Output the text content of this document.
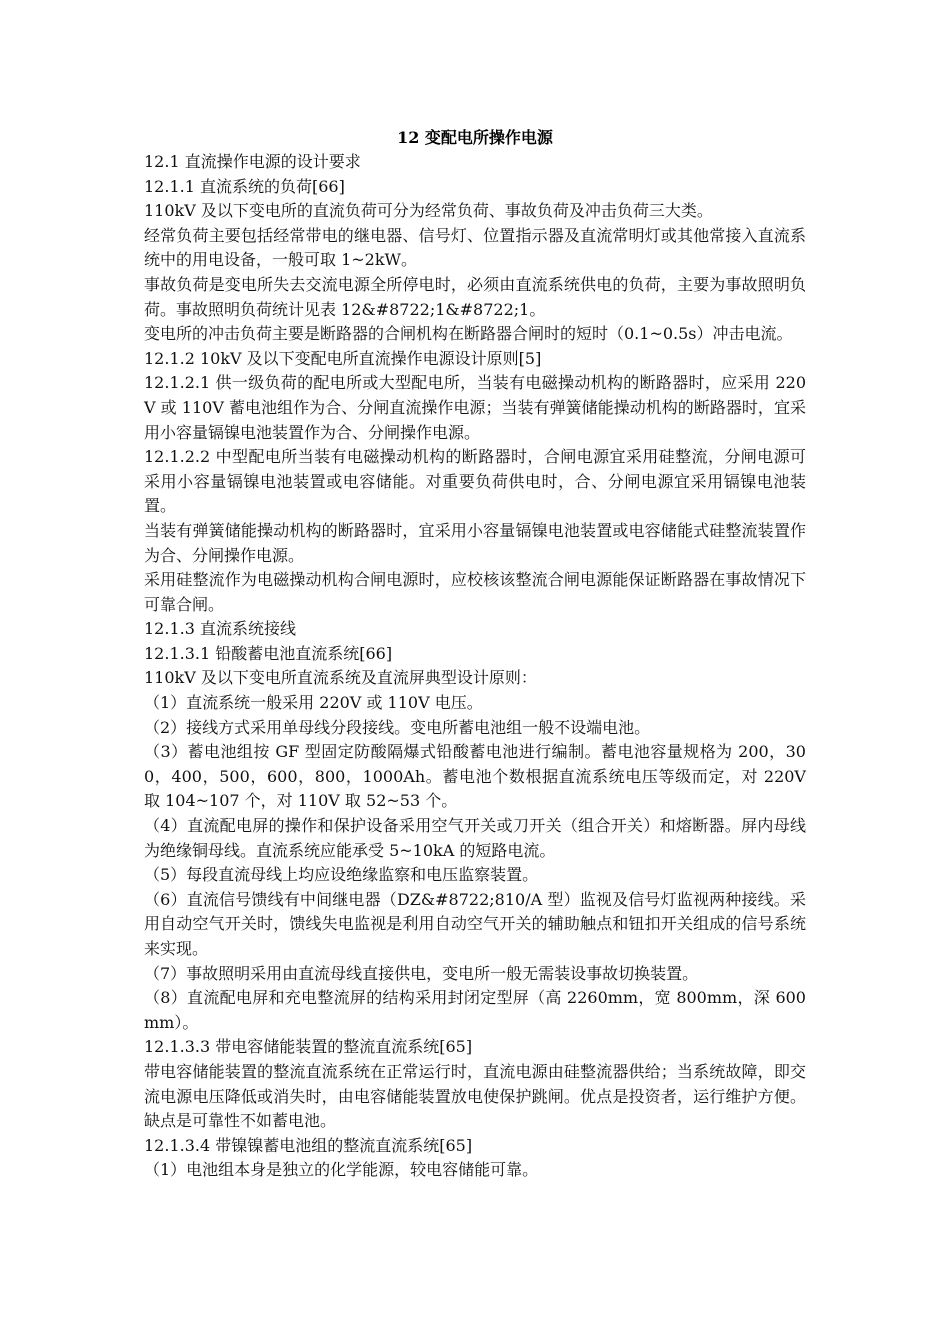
12 变配电所操作电源

12.1 直流操作电源的设计要求

12.1.1 直流系统的负荷[66]

110kV 及以下变电所的直流负荷可分为经常负荷、事故负荷及冲击负荷三大类。

经常负荷主要包括经常带电的继电器、信号灯、位置指示器及直流常明灯或其他常接入直流系统中的用电设备，一般可取 1~2kW。

事故负荷是变电所失去交流电源全所停电时，必须由直流系统供电的负荷，主要为事故照明负荷。事故照明负荷统计见表 12&#8722;1&#8722;1。

变电所的冲击负荷主要是断路器的合闸机构在断路器合闸时的短时（0.1~0.5s）冲击电流。

12.1.2 10kV 及以下变配电所直流操作电源设计原则[5]

12.1.2.1 供一级负荷的配电所或大型配电所，当装有电磁操动机构的断路器时，应采用 220V 或 110V 蓄电池组作为合、分闸直流操作电源；当装有弹簧储能操动机构的断路器时，宜采用小容量镉镍电池装置作为合、分闸操作电源。

12.1.2.2 中型配电所当装有电磁操动机构的断路器时，合闸电源宜采用硅整流，分闸电源可采用小容量镉镍电池装置或电容储能。对重要负荷供电时，合、分闸电源宜采用镉镍电池装置。

当装有弹簧储能操动机构的断路器时，宜采用小容量镉镍电池装置或电容储能式硅整流装置作为合、分闸操作电源。

采用硅整流作为电磁操动机构合闸电源时，应校核该整流合闸电源能保证断路器在事故情况下可靠合闸。

12.1.3 直流系统接线

12.1.3.1 铅酸蓄电池直流系统[66]

110kV 及以下变电所直流系统及直流屏典型设计原则：

（1）直流系统一般采用 220V 或 110V 电压。

（2）接线方式采用单母线分段接线。变电所蓄电池组一般不设端电池。

（3）蓄电池组按 GF 型固定防酸隔爆式铅酸蓄电池进行编制。蓄电池容量规格为 200，300，400，500，600，800，1000Ah。蓄电池个数根据直流系统电压等级而定，对 220V 取 104~107 个，对 110V 取 52~53 个。

（4）直流配电屏的操作和保护设备采用空气开关或刀开关（组合开关）和熔断器。屏内母线为绝缘铜母线。直流系统应能承受 5~10kA 的短路电流。

（5）每段直流母线上均应设绝缘监察和电压监察装置。

（6）直流信号馈线有中间继电器（DZ&#8722;810/A 型）监视及信号灯监视两种接线。采用自动空气开关时，馈线失电监视是利用自动空气开关的辅助触点和钮扣开关组成的信号系统来实现。

（7）事故照明采用由直流母线直接供电，变电所一般无需装设事故切换装置。

（8）直流配电屏和充电整流屏的结构采用封闭定型屏（高 2260mm，宽 800mm，深 600mm）。

12.1.3.3 带电容储能装置的整流直流系统[65]

带电容储能装置的整流直流系统在正常运行时，直流电源由硅整流器供给；当系统故障，即交流电源电压降低或消失时，由电容储能装置放电使保护跳闸。优点是投资者，运行维护方便。缺点是可靠性不如蓄电池。

12.1.3.4 带镍镍蓄电池组的整流直流系统[65]

（1）电池组本身是独立的化学能源，较电容储能可靠。
